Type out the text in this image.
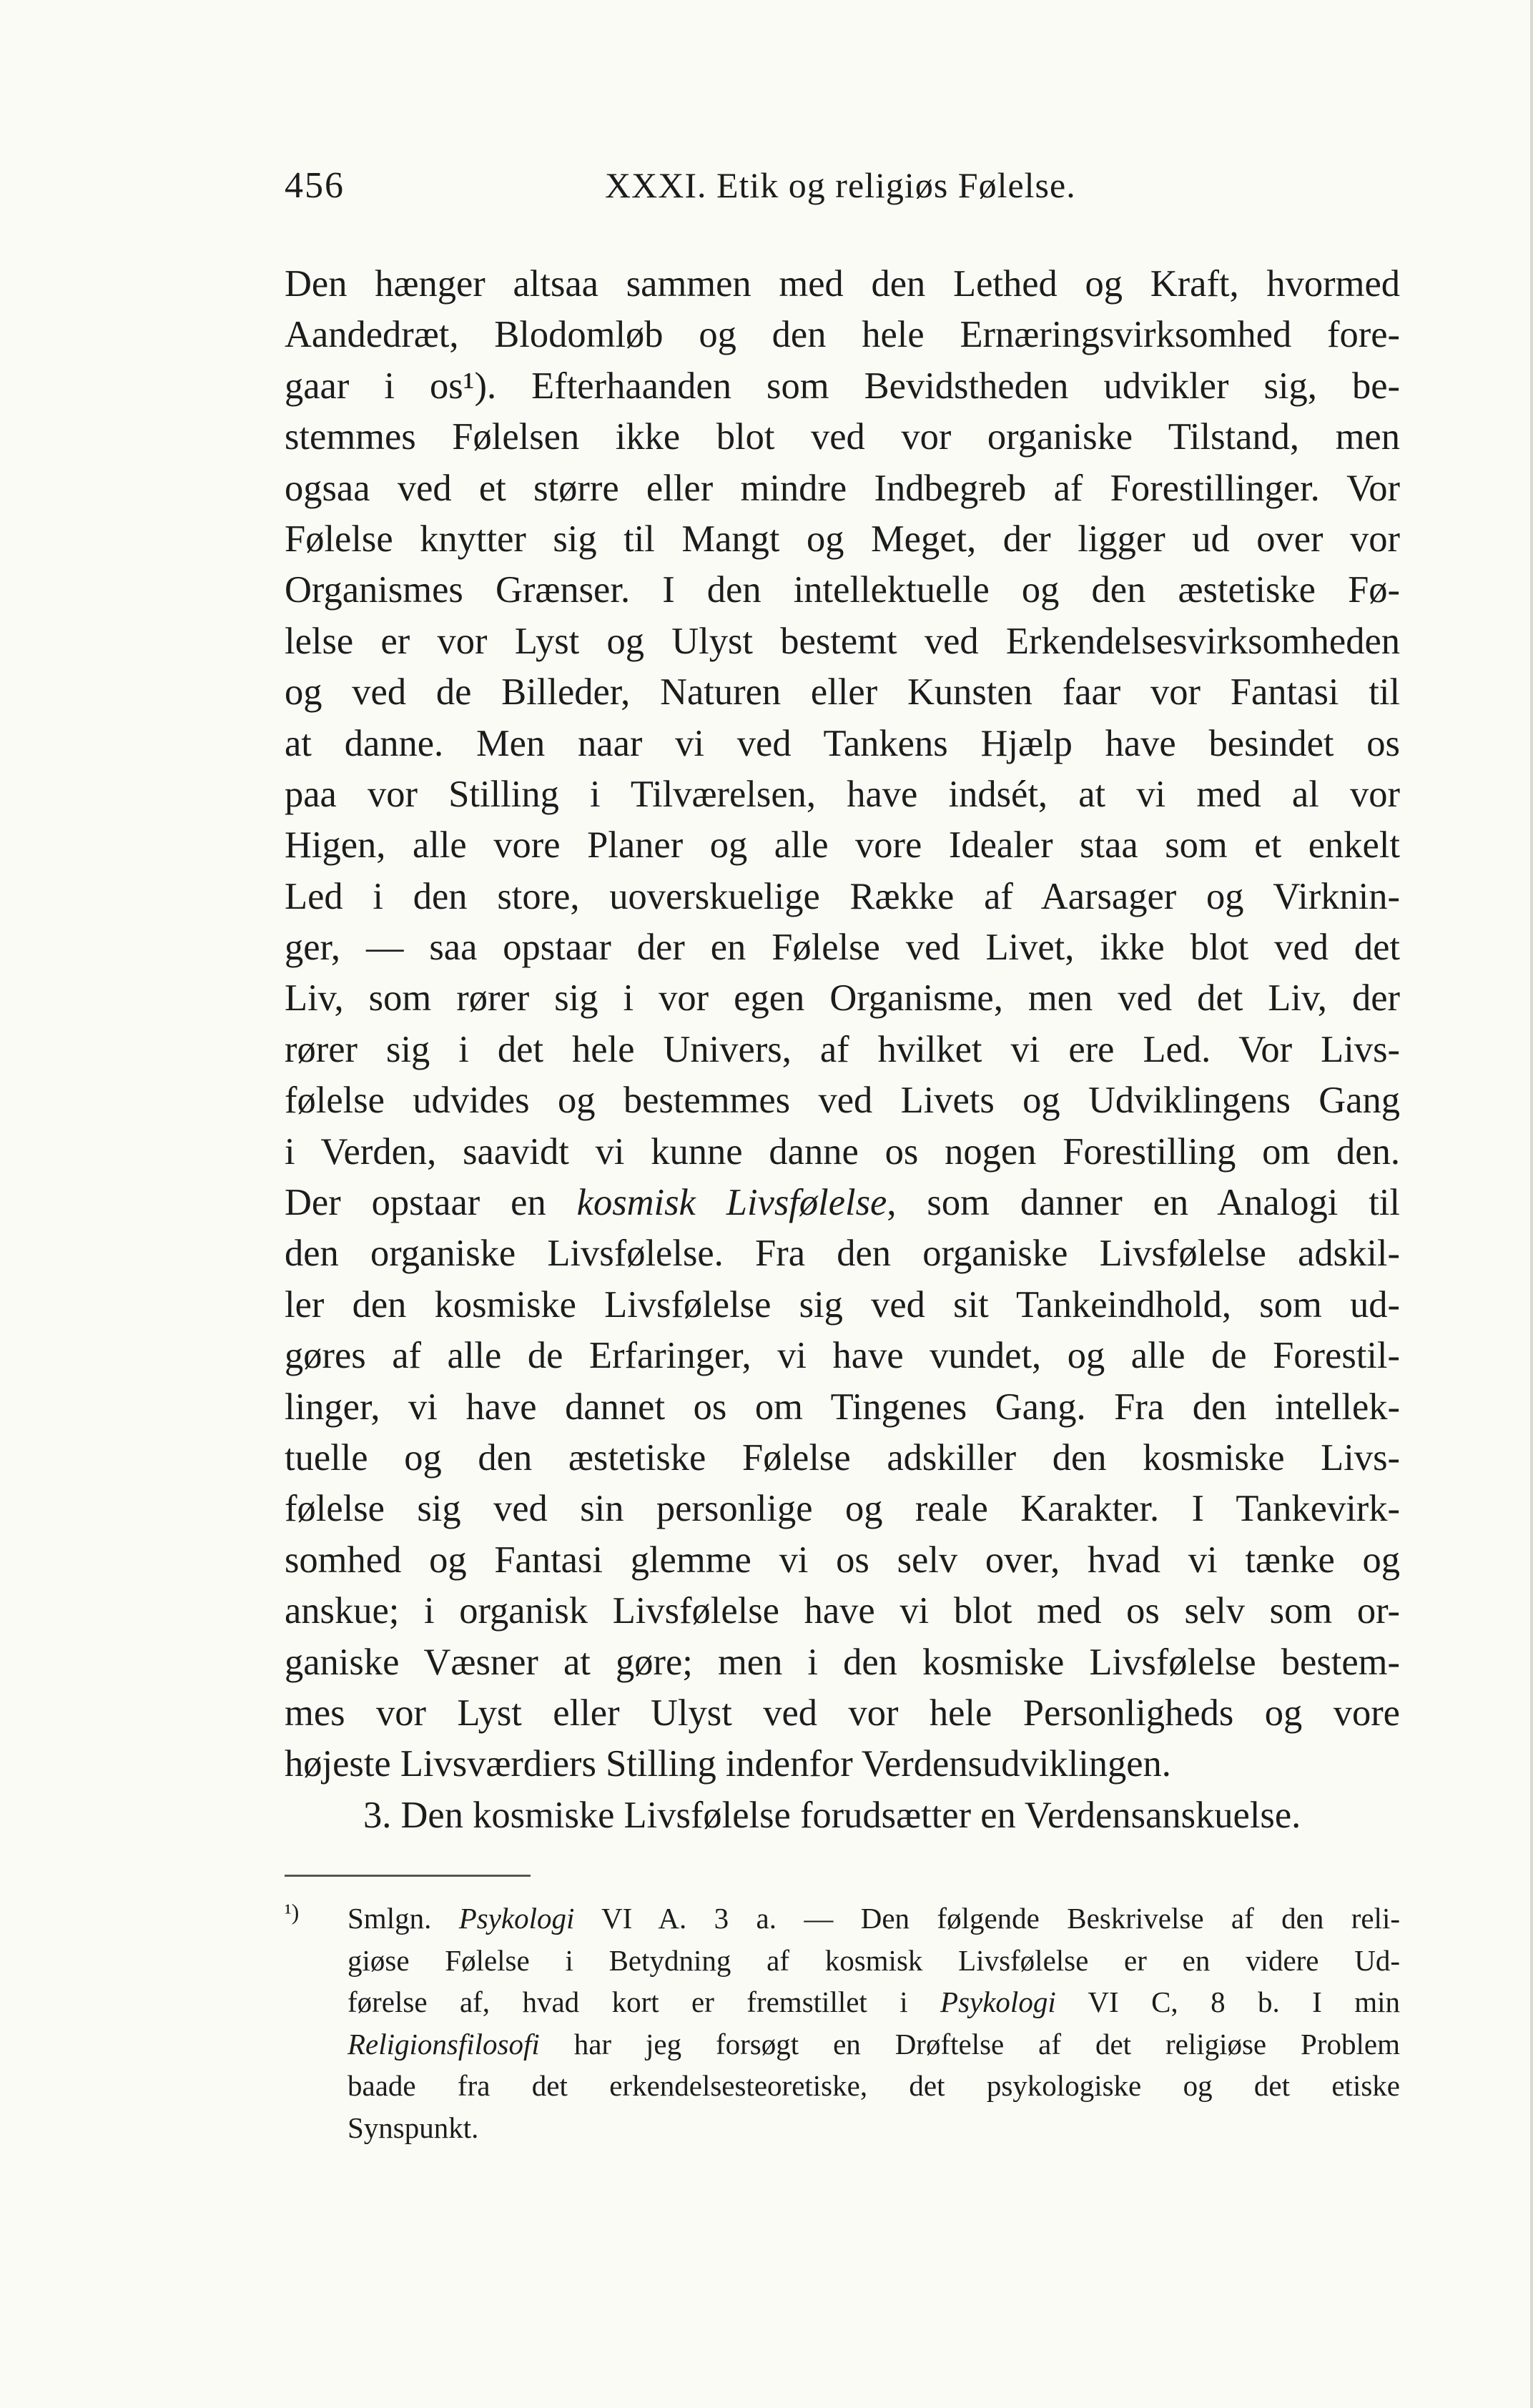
456	XXXI. Etik og religiøs Følelse.
Den hænger altsaa sammen med den Lethed og Kraft, hvormed
Aandedræt, Blodomløb og den hele Ernæringsvirksomhed fore-
gaar i os¹). Efterhaanden som Bevidstheden udvikler sig, be-
stemmes Følelsen ikke blot ved vor organiske Tilstand, men
ogsaa ved et større eller mindre Indbegreb af Forestillinger. Vor
Følelse knytter sig til Mangt og Meget, der ligger ud over vor
Organismes Grænser. I den intellektuelle og den æstetiske Fø-
lelse er vor Lyst og Ulyst bestemt ved Erkendelsesvirksomheden
og ved de Billeder, Naturen eller Kunsten faar vor Fantasi til
at danne. Men naar vi ved Tankens Hjælp have besindet os
paa vor Stilling i Tilværelsen, have indsét, at vi med al vor
Higen, alle vore Planer og alle vore Idealer staa som et enkelt
Led i den store, uoverskuelige Række af Aarsager og Virknin-
ger, — saa opstaar der en Følelse ved Livet, ikke blot ved det
Liv, som rører sig i vor egen Organisme, men ved det Liv, der
rører sig i det hele Univers, af hvilket vi ere Led. Vor Livs-
følelse udvides og bestemmes ved Livets og Udviklingens Gang
i Verden, saavidt vi kunne danne os nogen Forestilling om den.
Der opstaar en kosmisk Livsfølelse, som danner en Analogi til
den organiske Livsfølelse. Fra den organiske Livsfølelse adskil-
ler den kosmiske Livsfølelse sig ved sit Tankeindhold, som ud-
gøres af alle de Erfaringer, vi have vundet, og alle de Forestil-
linger, vi have dannet os om Tingenes Gang. Fra den intellek-
tuelle og den æstetiske Følelse adskiller den kosmiske Livs-
følelse sig ved sin personlige og reale Karakter. I Tankevirk-
somhed og Fantasi glemme vi os selv over, hvad vi tænke og
anskue; i organisk Livsfølelse have vi blot med os selv som or-
ganiske Væsner at gøre; men i den kosmiske Livsfølelse bestem-
mes vor Lyst eller Ulyst ved vor hele Personligheds og vore
højeste Livsværdiers Stilling indenfor Verdensudviklingen.
3. Den kosmiske Livsfølelse forudsætter en Verdensanskuelse.
¹) Smlgn. Psykologi VI A. 3 a. — Den følgende Beskrivelse af den reli-
giøse Følelse i Betydning af kosmisk Livsfølelse er en videre Ud-
førelse af, hvad kort er fremstillet i Psykologi VI C, 8 b. I min
Religionsfilosofi har jeg forsøgt en Drøftelse af det religiøse Problem
baade fra det erkendelsesteoretiske, det psykologiske og det etiske
Synspunkt.
